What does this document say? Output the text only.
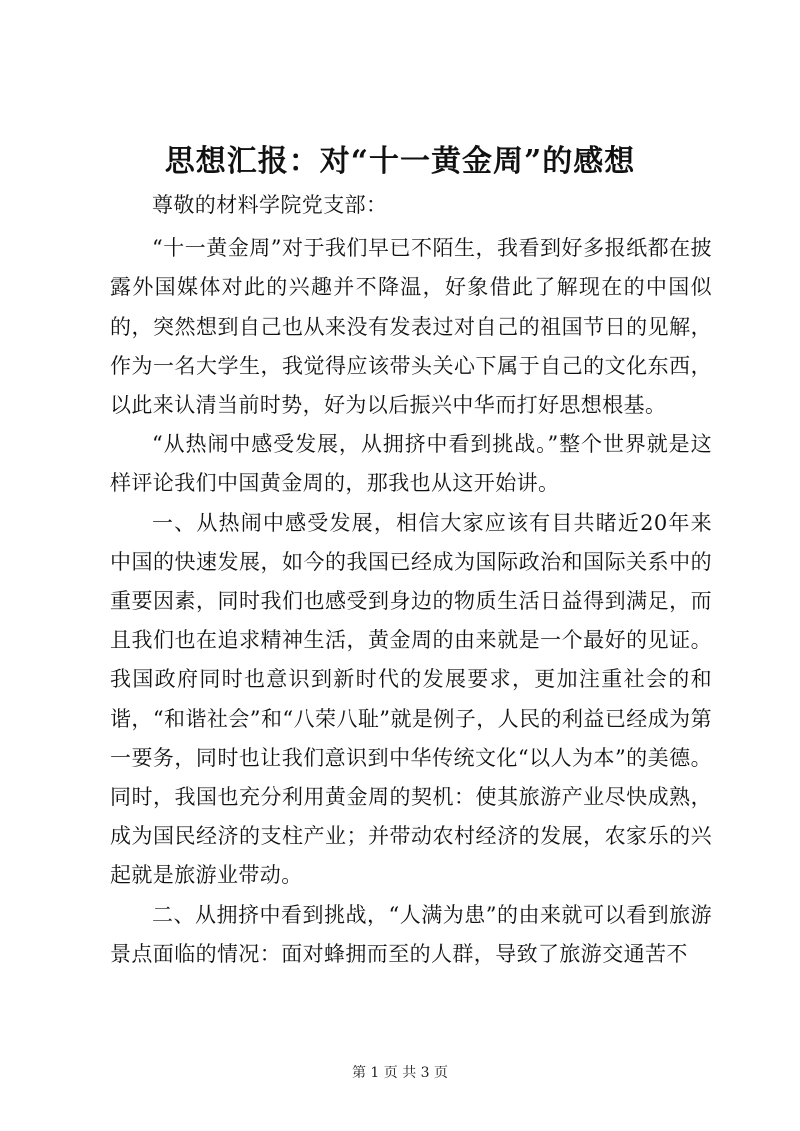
思想汇报：对“十一黄金周”的感想

尊敬的材料学院党支部：

“十一黄金周”对于我们早已不陌生，我看到好多报纸都在披露外国媒体对此的兴趣并不降温，好象借此了解现在的中国似的，突然想到自己也从来没有发表过对自己的祖国节日的见解，作为一名大学生，我觉得应该带头关心下属于自己的文化东西，以此来认清当前时势，好为以后振兴中华而打好思想根基。

“从热闹中感受发展，从拥挤中看到挑战。”整个世界就是这样评论我们中国黄金周的，那我也从这开始讲。

一、从热闹中感受发展，相信大家应该有目共睹近20年来中国的快速发展，如今的我国已经成为国际政治和国际关系中的重要因素，同时我们也感受到身边的物质生活日益得到满足，而且我们也在追求精神生活，黄金周的由来就是一个最好的见证。我国政府同时也意识到新时代的发展要求，更加注重社会的和谐，“和谐社会”和“八荣八耻”就是例子，人民的利益已经成为第一要务，同时也让我们意识到中华传统文化“以人为本”的美德。同时，我国也充分利用黄金周的契机：使其旅游产业尽快成熟，成为国民经济的支柱产业；并带动农村经济的发展，农家乐的兴起就是旅游业带动。

二、从拥挤中看到挑战，“人满为患”的由来就可以看到旅游景点面临的情况：面对蜂拥而至的人群，导致了旅游交通苦不

第 1 页 共 3 页
